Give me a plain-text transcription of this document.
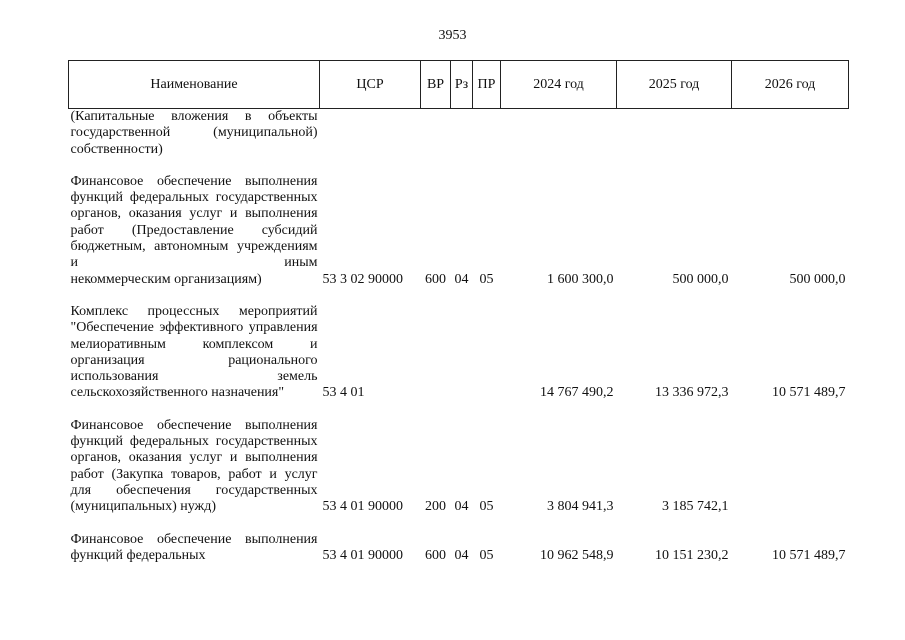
3953
Наименование	ЦСР	ВР	Рз	ПР	2024 год	2025 год	2026 год
(Капитальные вложения в объекты государственной (муниципальной)
собственности)							

Финансовое обеспечение выполнения функций федеральных государственных органов, оказания услуг и выполнения работ (Предоставление субсидий бюджетным, автономным учреждениям и иным
некоммерческим организациям)	53 3 02 90000	600	04	05	1 600 300,0	500 000,0	500 000,0
Комплекс процессных мероприятий "Обеспечение эффективного управления мелиоративным комплексом и организация рационального использования земель
сельскохозяйственного назначения"	53 4 01				14 767 490,2	13 336 972,3	10 571 489,7
Финансовое обеспечение выполнения функций федеральных государственных органов, оказания услуг и выполнения работ (Закупка товаров, работ и услуг для обеспечения государственных
(муниципальных) нужд)	53 4 01 90000	200	04	05	3 804 941,3	3 185 742,1	
Финансовое обеспечение выполнения
функций федеральных	53 4 01 90000	600	04	05	10 962 548,9	10 151 230,2	10 571 489,7
